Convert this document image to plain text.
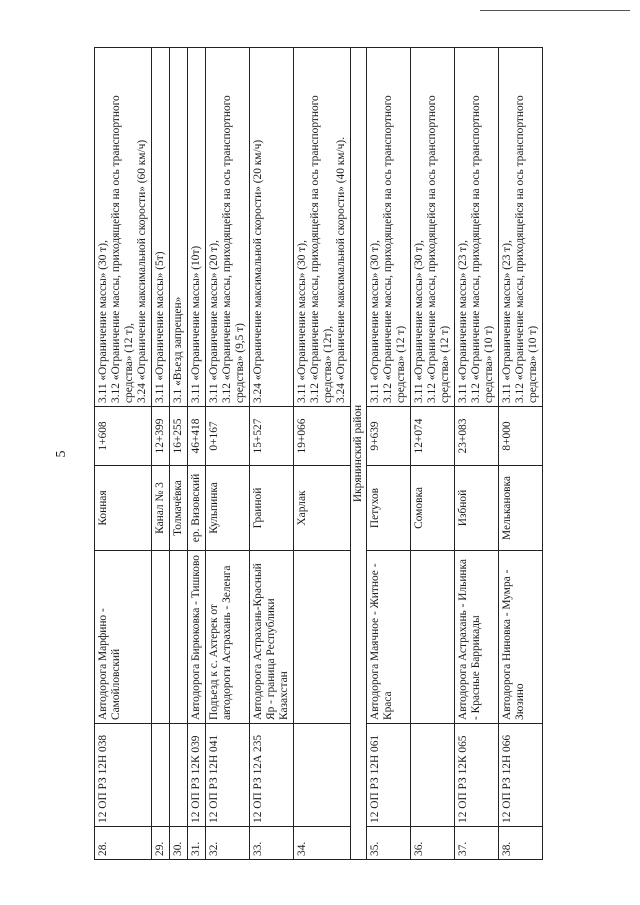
5
28.	12 ОП РЗ 12Н 038	Автодорога Марфино - Самойловский	Конная	1+608	3.11 «Ограничение массы» (30 т), 3.12 «Ограничение массы, приходящейся на ось транспортного средства» (12 т), 3.24 «Ограничение максимальной скорости» (60 км/ч)

29.			Канал № 3	12+399	3.11 «Ограничение массы» (5т)

30.			Толмачёвка	16+255	3.1 «Въезд запрещен»

31.	12 ОП РЗ 12К 039	Автодорога Бирюковка - Тишково	ер. Визовский	46+418	3.11 «Ограничение массы» (10т)

32.	12 ОП РЗ 12Н 041	Подъезд к с. Ахтерек от автодороги Астрахань - Зеленга	Кульпинка	0+167	3.11 «Ограничение массы» (20 т), 3.12 «Ограничение массы, приходящейся на ось транспортного средства» (9,5 т)

33.	12 ОП РЗ 12А 235	Автодорога Астрахань-Красный Яр - граница Республики Казахстан	Граиной	15+527	3.24 «Ограничение максимальной скорости» (20 км/ч)

34.			Харлак	19+066	3.11 «Ограничение массы» (30 т), 3.12 «Ограничение массы, приходящейся на ось транспортного средства» (12т), 3.24 «Ограничение максимальной скорости» (40 км/ч).

Икрянинский район					
35.	12 ОП РЗ 12Н 061	Автодорога Маячное - Житное - Краса	Петухов	9+639	3.11 «Ограничение массы» (30 т), 3.12 «Ограничение массы, приходящейся на ось транспортного средства» (12 т)

36.			Сомовка	12+074	3.11 «Ограничение массы» (30 т), 3.12 «Ограничение массы, приходящейся на ось транспортного средства» (12 т)

37.	12 ОП РЗ 12К 065	Автодорога Астрахань - Ильинка - Красные Баррикады	Избной	23+083	3.11 «Ограничение массы» (23 т), 3.12 «Ограничение массы, приходящейся на ось транспортного средства» (10 т)

38.	12 ОП РЗ 12Н 066	Автодорога Ниновка - Мумра - Зюзино	Мелькановка	8+000	3.11 «Ограничение массы» (23 т), 3.12 «Ограничение массы, приходящейся на ось транспортного средства» (10 т)
